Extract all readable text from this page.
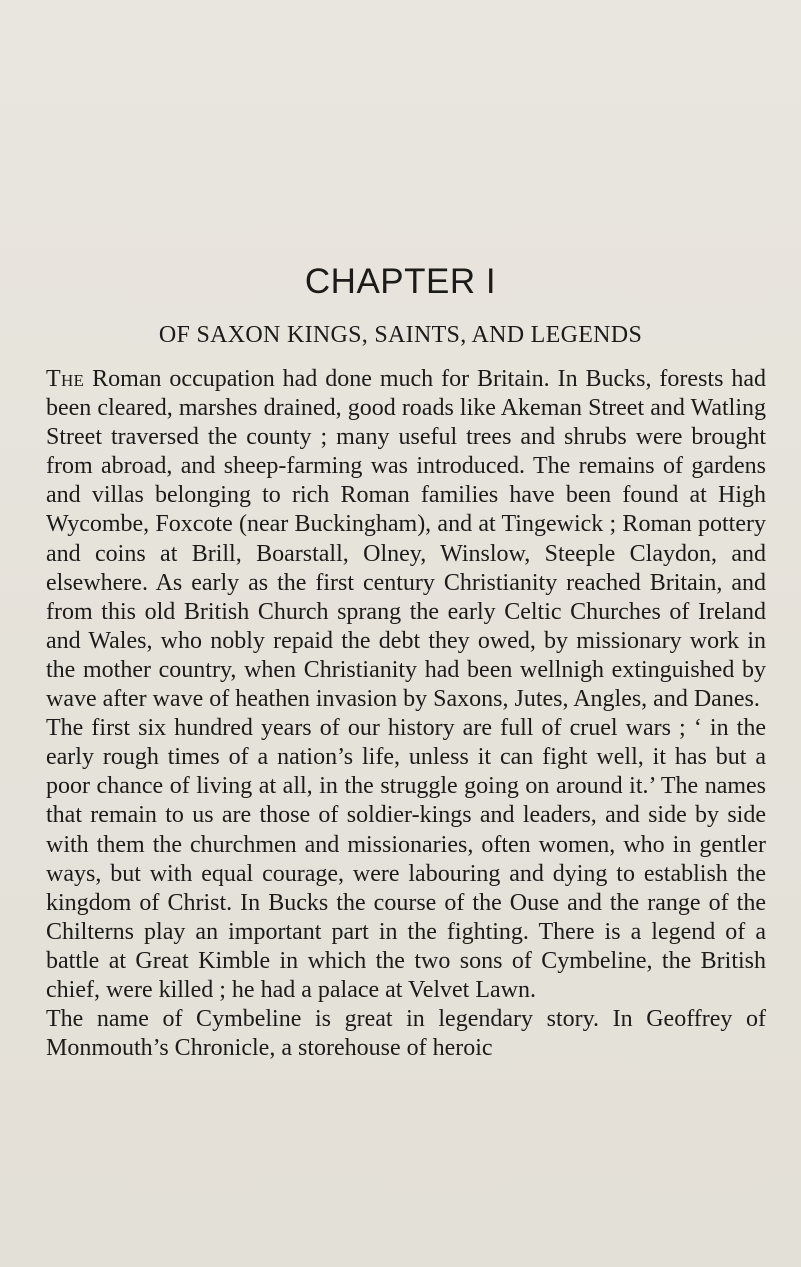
CHAPTER I
OF SAXON KINGS, SAINTS, AND LEGENDS

The Roman occupation had done much for Britain. In Bucks, forests had been cleared, marshes drained, good roads like Akeman Street and Watling Street traversed the county ; many useful trees and shrubs were brought from abroad, and sheep-farming was introduced. The remains of gardens and villas belonging to rich Roman families have been found at High Wycombe, Foxcote (near Buckingham), and at Tingewick ; Roman pottery and coins at Brill, Boarstall, Olney, Winslow, Steeple Claydon, and elsewhere. As early as the first century Christianity reached Britain, and from this old British Church sprang the early Celtic Churches of Ireland and Wales, who nobly repaid the debt they owed, by missionary work in the mother country, when Christianity had been wellnigh extinguished by wave after wave of heathen invasion by Saxons, Jutes, Angles, and Danes.

The first six hundred years of our history are full of cruel wars ; ‘ in the early rough times of a nation’s life, unless it can fight well, it has but a poor chance of living at all, in the struggle going on around it.’ The names that remain to us are those of soldier-kings and leaders, and side by side with them the churchmen and missionaries, often women, who in gentler ways, but with equal courage, were labouring and dying to establish the kingdom of Christ. In Bucks the course of the Ouse and the range of the Chilterns play an important part in the fighting. There is a legend of a battle at Great Kimble in which the two sons of Cymbeline, the British chief, were killed ; he had a palace at Velvet Lawn.

The name of Cymbeline is great in legendary story. In Geoffrey of Monmouth’s Chronicle, a storehouse of heroic
